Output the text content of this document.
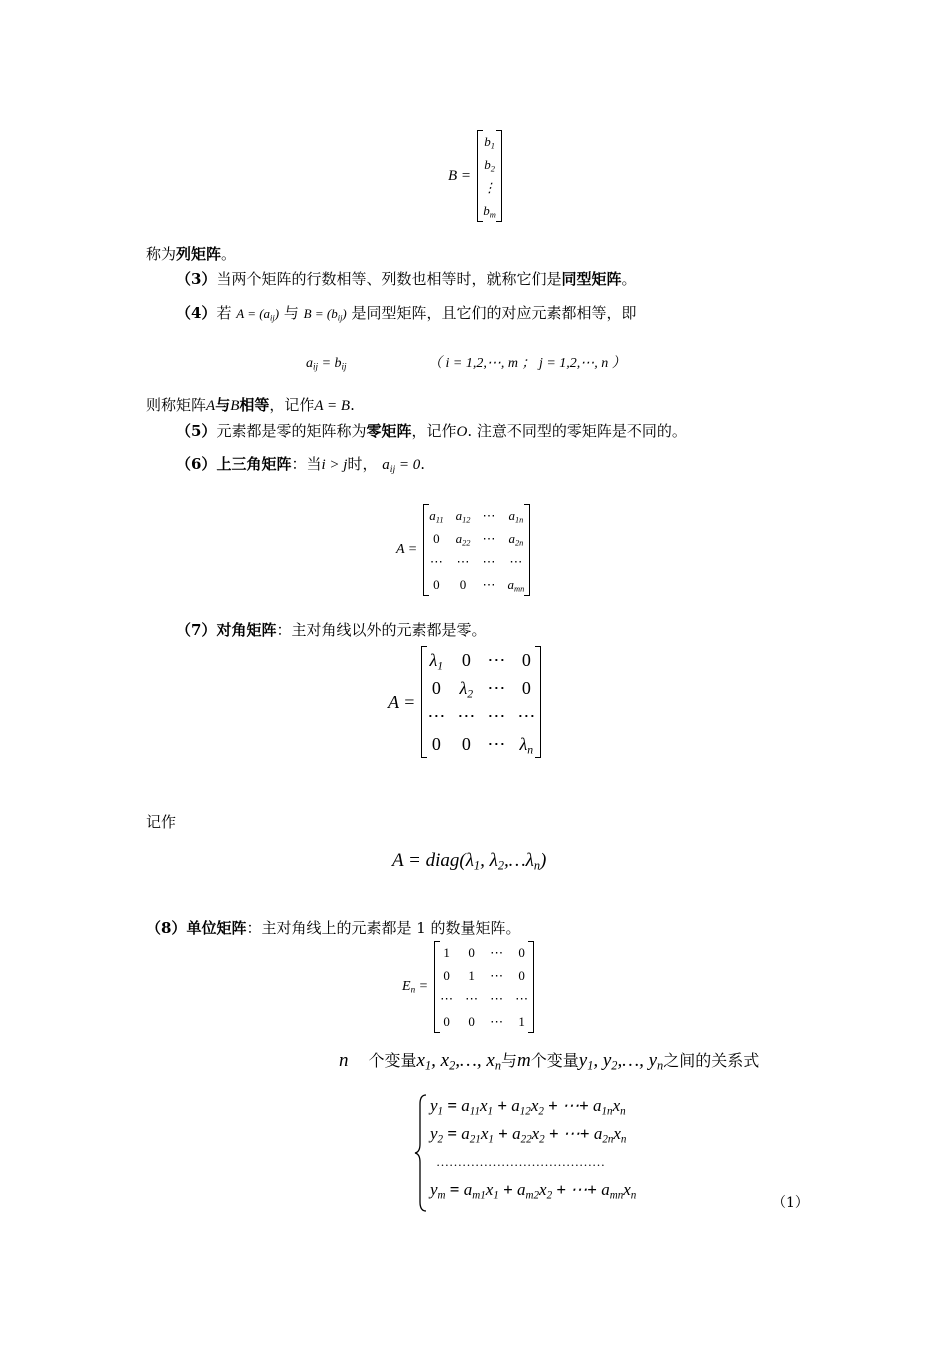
B =
$b_1$
$b_2$
⋮
$b_m$
称为列矩阵。
（3）当两个矩阵的行数相等、列数也相等时，就称它们是同型矩阵。
（4）若 $A = (a_{ij})$ 与 $B = (b_{ij})$ 是同型矩阵，且它们的对应元素都相等，即
$a_{ij} = b_{ij}$	（ i = 1,2,⋯, m ； j = 1,2,⋯, n ）
则称矩阵A与B相等，记作A = B.
（5）元素都是零的矩阵称为零矩阵，记作O. 注意不同型的零矩阵是不同的。
（6）上三角矩阵：当i > j时， $a_{ij} = 0$.
A =
$a_{11}$	$a_{12}$	⋯	$a_{1n}$
0	$a_{22}$	⋯	$a_{2n}$
⋯	⋯	⋯	⋯
0	0	⋯	$a_{mn}$
（7）对角矩阵：主对角线以外的元素都是零。
A =
$\lambda_1$	0	⋯	0
0	$\lambda_2$	⋯	0
⋯	⋯	⋯	⋯
0	0	⋯	$\lambda_n$
记作
$A = diag(\lambda_1$, $\lambda_2,\dots\lambda_n$)
（8）单位矩阵：主对角线上的元素都是 1 的数量矩阵。
$E_n$ =
1	0	⋯	0
0	1	⋯	0
⋯	⋯	⋯	⋯
0	0	⋯	1
n 个变量$x_1$, $x_2,\dots$, $x_n$与m个变量$y_1$, $y_2,\dots$, $y_n$之间的关系式
$y_1 = a_{11}x_1 + a_{12}x_2$ + ⋯+ $a_{1n}x_n$
$y_2 = a_{21}x_1 + a_{22}x_2$ + ⋯+ $a_{2n}x_n$
…………………………………
$y_m = a_{m1}x_1 + a_{m2}x_2$ + ⋯+ $a_{mn}x_n$	（1）
